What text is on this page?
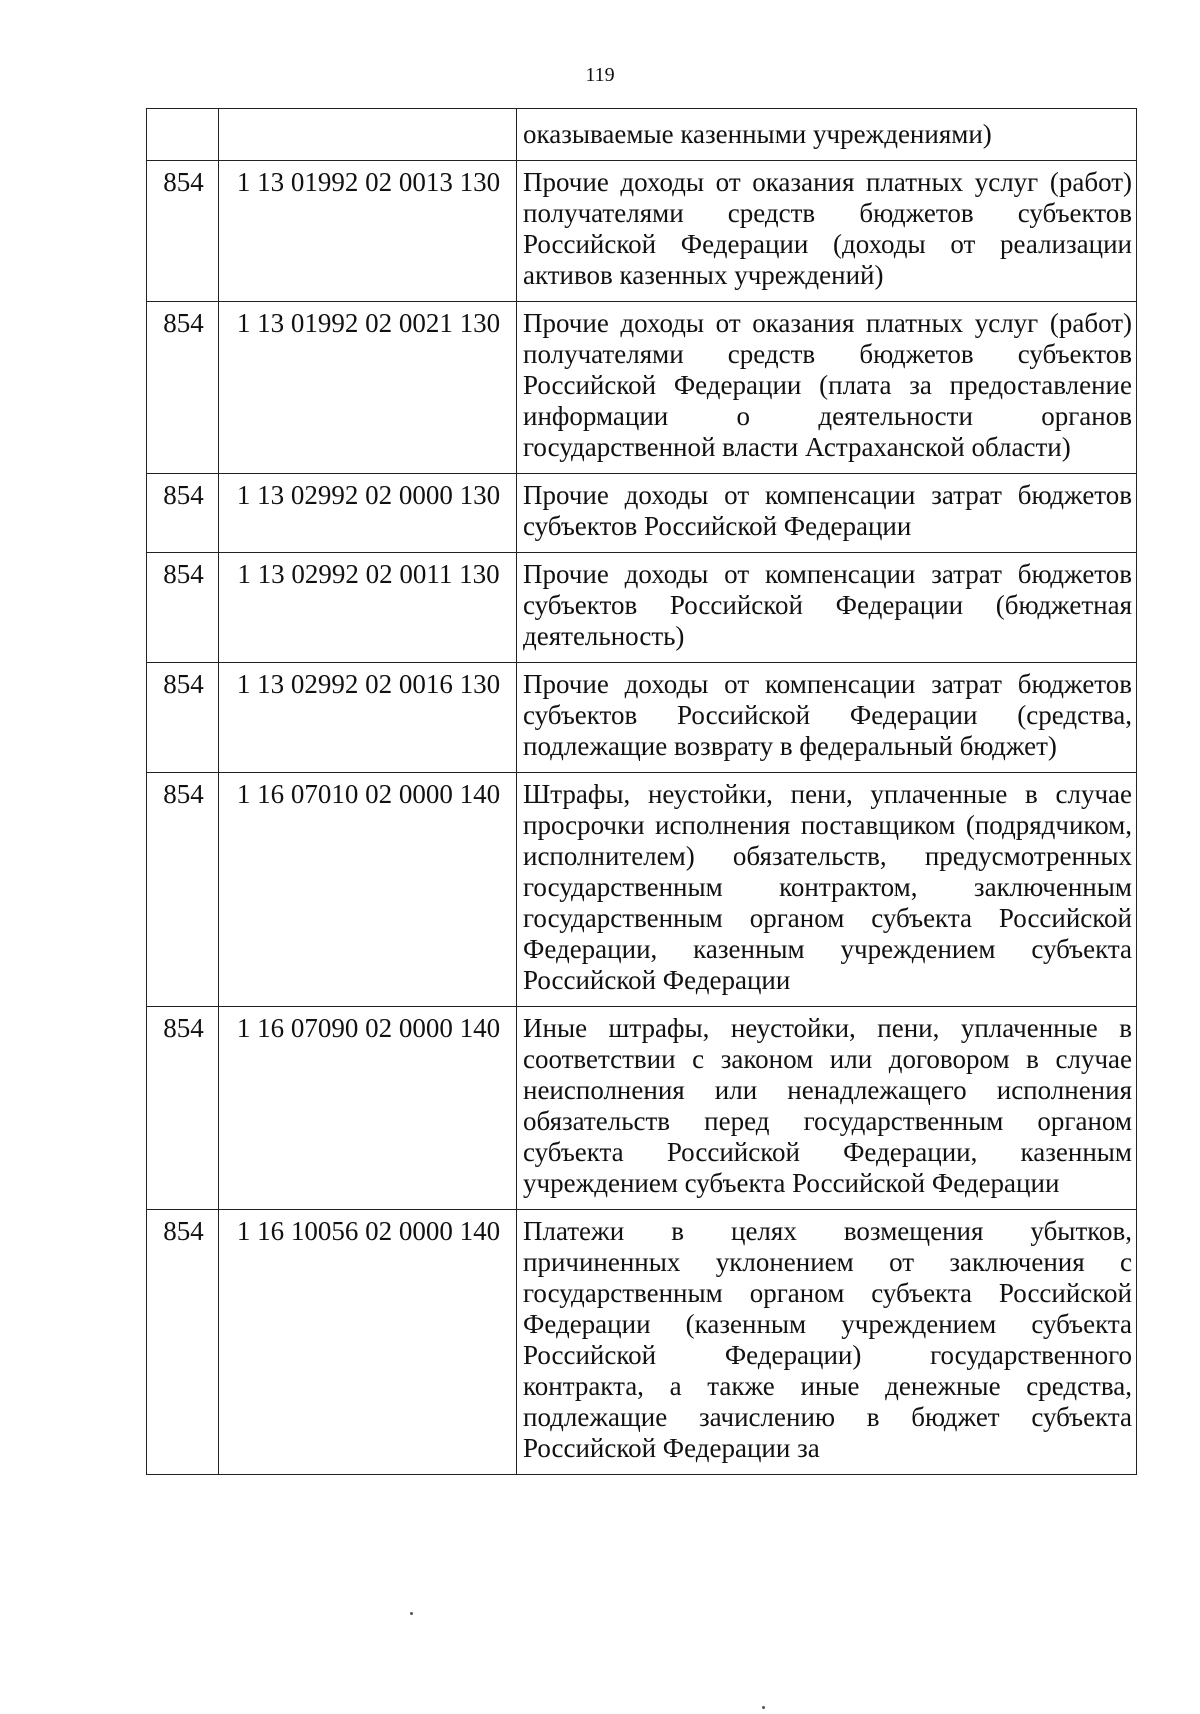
119
		оказываемые казенными учреждениями)
854	1 13 01992 02 0013 130	Прочие доходы от оказания платных услуг (работ) получателями средств бюджетов субъектов Российской Федерации (доходы от реализации активов казенных учреждений)
854	1 13 01992 02 0021 130	Прочие доходы от оказания платных услуг (работ) получателями средств бюджетов субъектов Российской Федерации (плата за предоставление информации о деятельности органов государственной власти Астраханской области)
854	1 13 02992 02 0000 130	Прочие доходы от компенсации затрат бюджетов субъектов Российской Федерации
854	1 13 02992 02 0011 130	Прочие доходы от компенсации затрат бюджетов субъектов Российской Федерации (бюджетная деятельность)
854	1 13 02992 02 0016 130	Прочие доходы от компенсации затрат бюджетов субъектов Российской Федерации (средства, подлежащие возврату в федеральный бюджет)
854	1 16 07010 02 0000 140	Штрафы, неустойки, пени, уплаченные в случае просрочки исполнения поставщиком (подрядчиком, исполнителем) обязательств, предусмотренных государственным контрактом, заключенным государственным органом субъекта Российской Федерации, казенным учреждением субъекта Российской Федерации
854	1 16 07090 02 0000 140	Иные штрафы, неустойки, пени, уплаченные в соответствии с законом или договором в случае неисполнения или ненадлежащего исполнения обязательств перед государственным органом субъекта Российской Федерации, казенным учреждением субъекта Российской Федерации
854	1 16 10056 02 0000 140	Платежи в целях возмещения убытков, причиненных уклонением от заключения с государственным органом субъекта Российской Федерации (казенным учреждением субъекта Российской Федерации) государственного контракта, а также иные денежные средства, подлежащие зачислению в бюджет субъекта Российской Федерации за
